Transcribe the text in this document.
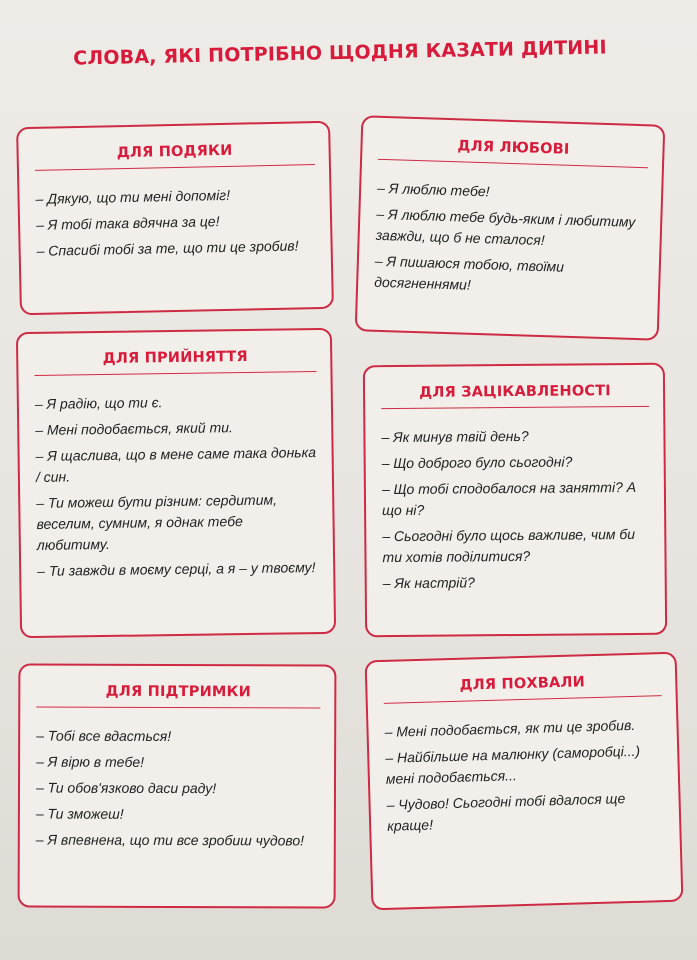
СЛОВА, ЯКІ ПОТРІБНО ЩОДНЯ КАЗАТИ ДИТИНІ
ДЛЯ ПОДЯКИ
– Дякую, що ти мені допоміг!
– Я тобі така вдячна за це!
– Спасибі тобі за те, що ти це зробив!
ДЛЯ ЛЮБОВІ
– Я люблю тебе!
– Я люблю тебе будь-яким і любитиму завжди, що б не сталося!
– Я пишаюся тобою, твоїми досягненнями!
ДЛЯ ПРИЙНЯТТЯ
– Я радію, що ти є.
– Мені подобається, який ти.
– Я щаслива, що в мене саме така донька / син.
– Ти можеш бути різним: сердитим, веселим, сумним, я однак тебе любитиму.
– Ти завжди в моєму серці, а я – у твоєму!
ДЛЯ ЗАЦІКАВЛЕНОСТІ
– Як минув твій день?
– Що доброго було сьогодні?
– Що тобі сподобалося на занятті? А що ні?
– Сьогодні було щось важливе, чим би ти хотів поділитися?
– Як настрій?
ДЛЯ ПІДТРИМКИ
– Тобі все вдасться!
– Я вірю в тебе!
– Ти обов'язково даси раду!
– Ти зможеш!
– Я впевнена, що ти все зробиш чудово!
ДЛЯ ПОХВАЛИ
– Мені подобається, як ти це зробив.
– Найбільше на малюнку (саморобці...) мені подобається...
– Чудово! Сьогодні тобі вдалося ще краще!
